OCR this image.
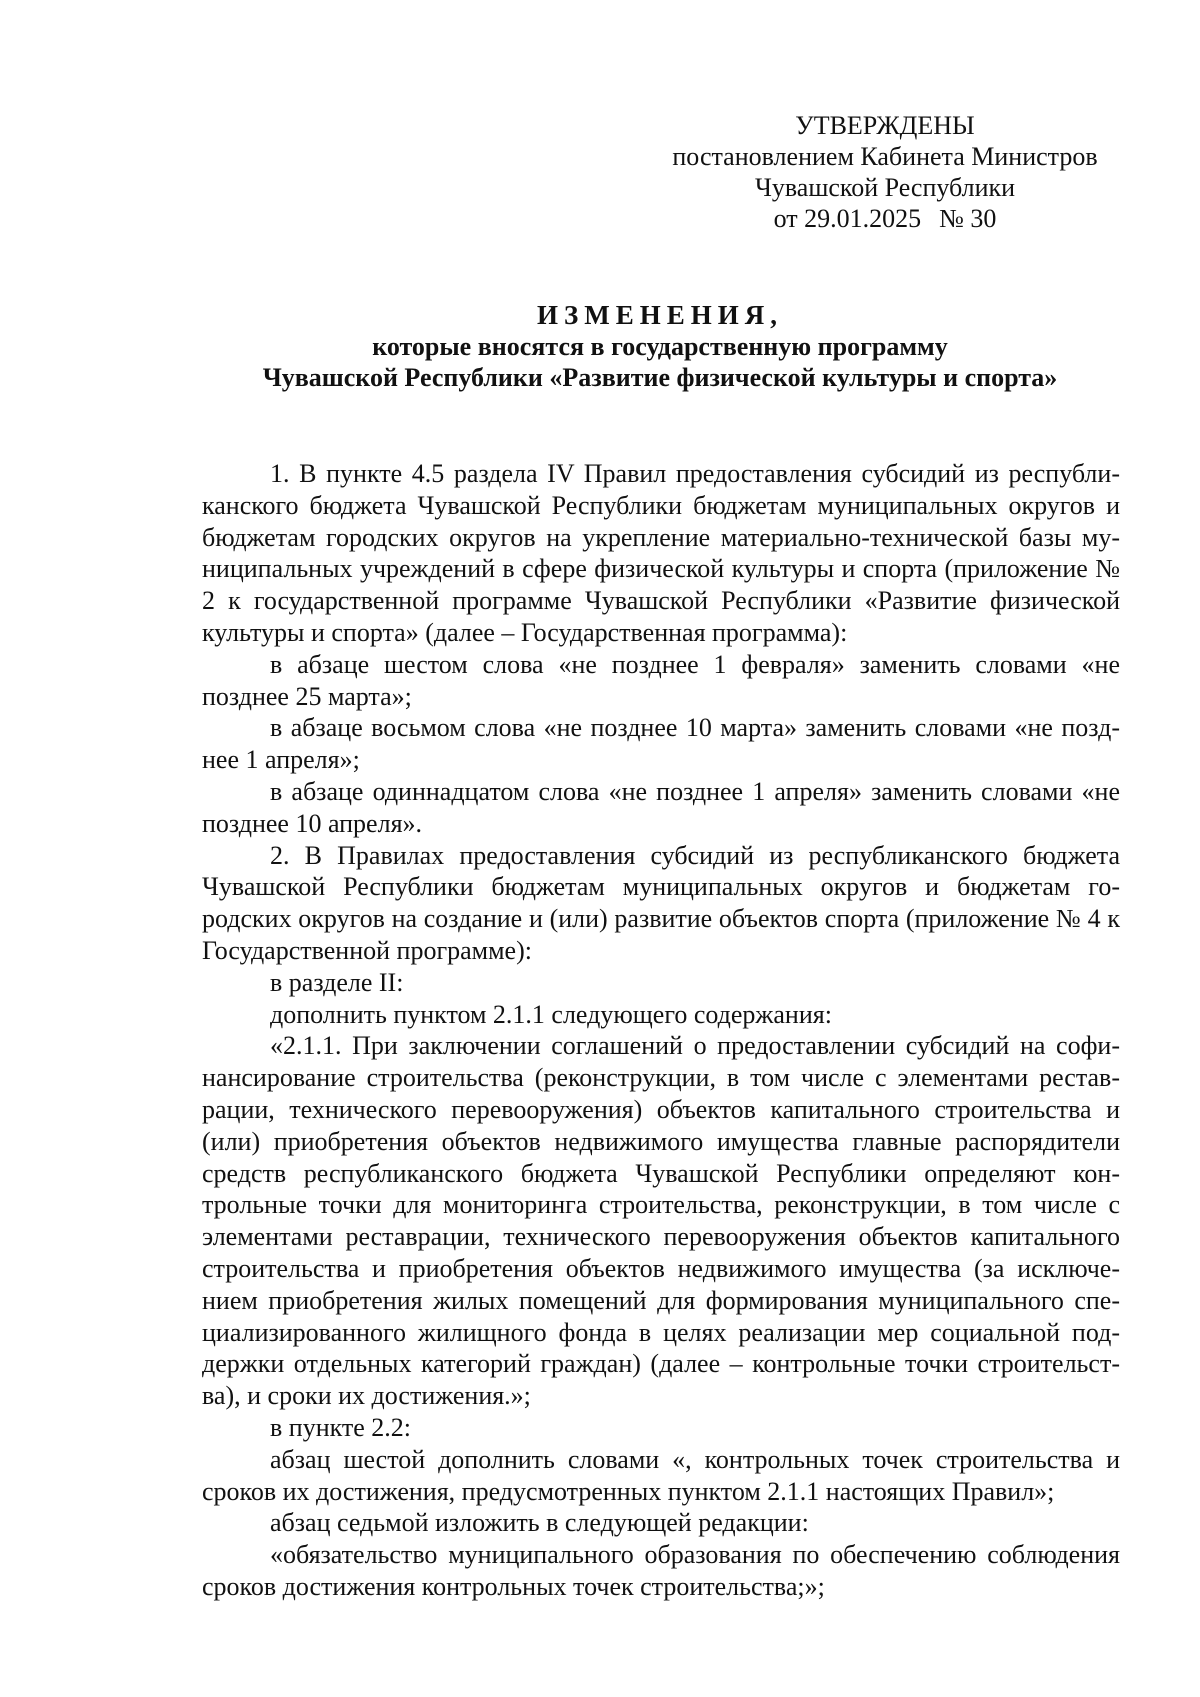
УТВЕРЖДЕНЫ
постановлением Кабинета Министров
Чувашской Республики
от 29.01.2025 № 30
ИЗМЕНЕНИЯ,
которые вносятся в государственную программу
Чувашской Республики «Развитие физической культуры и спорта»

1. В пункте 4.5 раздела IV Правил предоставления субсидий из республиканского бюджета Чувашской Республики бюджетам муниципальных округов и бюджетам городских округов на укрепление материально-технической базы муниципальных учреждений в сфере физической культуры и спорта (приложение № 2 к государственной программе Чувашской Республики «Развитие физической культуры и спорта» (далее – Государственная программа):

в абзаце шестом слова «не позднее 1 февраля» заменить словами «не позднее 25 марта»;

в абзаце восьмом слова «не позднее 10 марта» заменить словами «не позднее 1 апреля»;

в абзаце одиннадцатом слова «не позднее 1 апреля» заменить словами «не позднее 10 апреля».

2. В Правилах предоставления субсидий из республиканского бюджета Чувашской Республики бюджетам муниципальных округов и бюджетам городских округов на создание и (или) развитие объектов спорта (приложение № 4 к Государственной программе):

в разделе II:

дополнить пунктом 2.1.1 следующего содержания:

«2.1.1. При заключении соглашений о предоставлении субсидий на софинансирование строительства (реконструкции, в том числе с элементами реставрации, технического перевооружения) объектов капитального строительства и (или) приобретения объектов недвижимого имущества главные распорядители средств республиканского бюджета Чувашской Республики определяют контрольные точки для мониторинга строительства, реконструкции, в том числе с элементами реставрации, технического перевооружения объектов капитального строительства и приобретения объектов недвижимого имущества (за исключением приобретения жилых помещений для формирования муниципального специализированного жилищного фонда в целях реализации мер социальной поддержки отдельных категорий граждан) (далее – контрольные точки строительства), и сроки их достижения.»;

в пункте 2.2:

абзац шестой дополнить словами «, контрольных точек строительства и сроков их достижения, предусмотренных пунктом 2.1.1 настоящих Правил»;

абзац седьмой изложить в следующей редакции:

«обязательство муниципального образования по обеспечению соблюдения сроков достижения контрольных точек строительства;»;
